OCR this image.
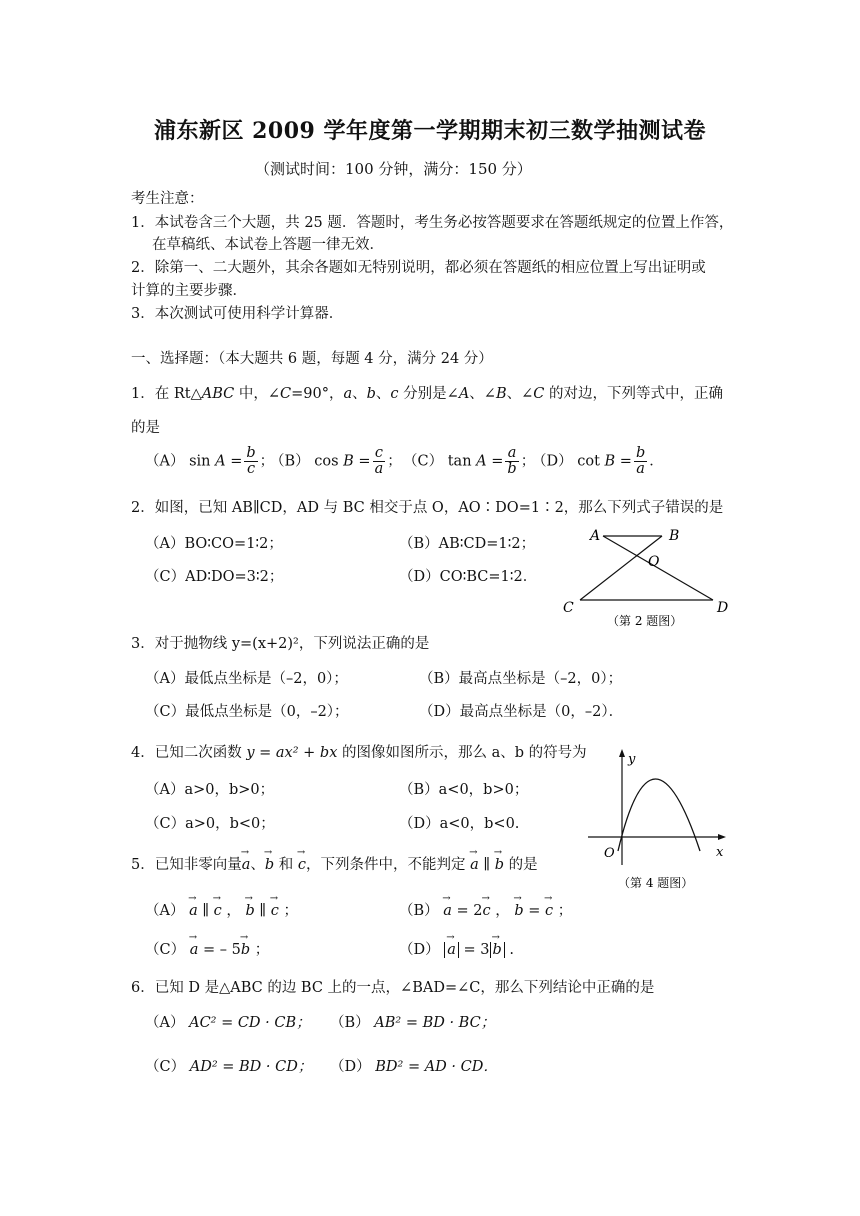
浦东新区 2009 学年度第一学期期末初三数学抽测试卷
（测试时间：100 分钟，满分：150 分）
考生注意：
1．本试卷含三个大题，共 25 题．答题时，考生务必按答题要求在答题纸规定的位置上作答，
在草稿纸、本试卷上答题一律无效．
2．除第一、二大题外，其余各题如无特别说明，都必须在答题纸的相应位置上写出证明或
计算的主要步骤．
3．本次测试可使用科学计算器．
一、选择题：（本大题共 6 题，每题 4 分，满分 24 分）
1．在 Rt△ABC 中，∠C=90°，a、b、c 分别是∠A、∠B、∠C 的对边，下列等式中，正确
的是
（A） $\sin A = \frac{b}{c}$ ；
（B） $\cos B = \frac{c}{a}$ ； （C） $\tan A = \frac{a}{b}$ ；
（D） $\cot B = \frac{b}{a}$ ．
2．如图，已知 AB∥CD，AD 与 BC 相交于点 O，AO∶DO=1∶2，那么下列式子错误的是
（A）BO∶CO=1∶2；	（B）AB∶CD=1∶2；
（C）AD∶DO=3∶2；	（D）CO∶BC=1∶2．
A	B
O
C	D
（第 2 题图）
3．对于抛物线 y=(x+2)²，下列说法正确的是
（A）最低点坐标是（–2，0）；	（B）最高点坐标是（–2，0）；
（C）最低点坐标是（0，–2）；	（D）最高点坐标是（0，–2）．
4．已知二次函数 y = ax² + bx 的图像如图所示，那么 a、b 的符号为
（A）a>0，b>0；	（B）a<0，b>0；
（C）a>0，b<0；	（D）a<0，b<0.
y
x
O
（第 4 题图）
5．已知非零向量→ a、→ b 和 → c，下列条件中，不能判定 → a ∥ → b 的是
（A） → a ∥ → c ， → b ∥ → c ；	（B） → a = 2→ c ， → b = → c ；
（C） → a = – 5→ b ；	（D） → a = 3 → b .
6．已知 D 是△ABC 的边 BC 上的一点，∠BAD=∠C，那么下列结论中正确的是
（A） AC² = CD · CB； （B） AB² = BD · BC；
（C） AD² = BD · CD； （D） BD² = AD · CD．
